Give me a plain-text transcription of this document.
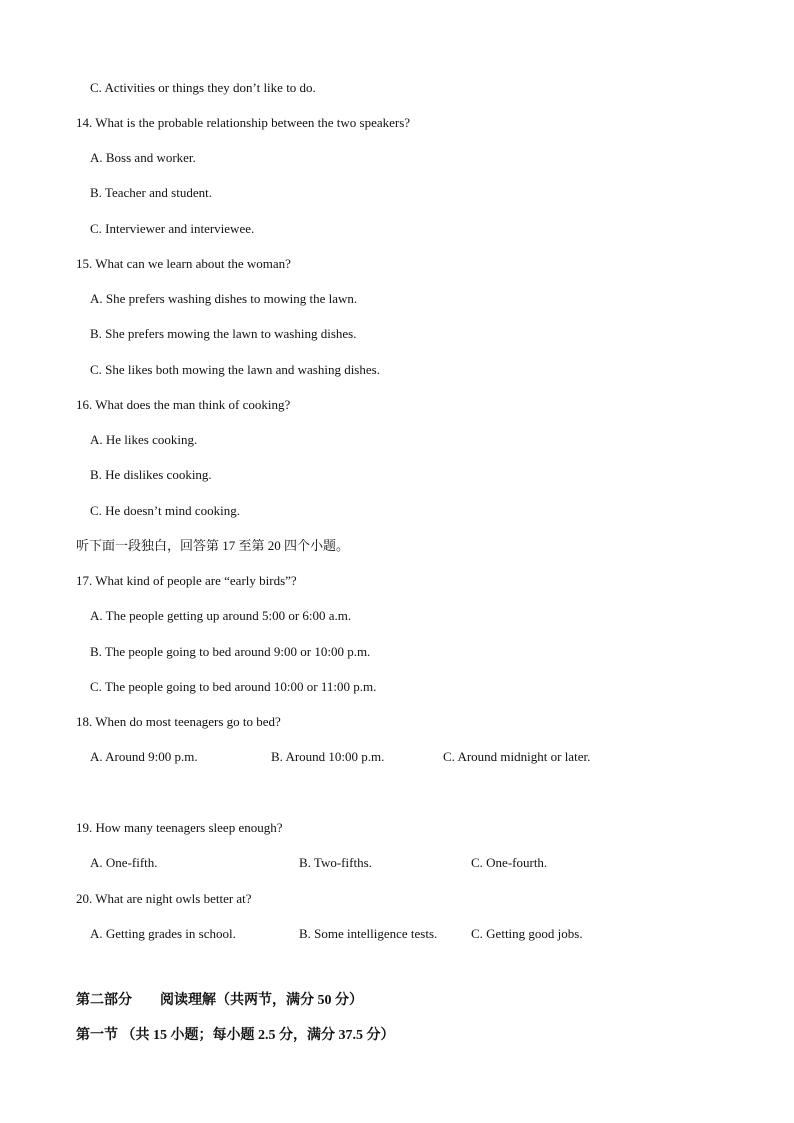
C. Activities or things they don’t like to do.
14. What is the probable relationship between the two speakers?
A. Boss and worker.
B. Teacher and student.
C. Interviewer and interviewee.
15. What can we learn about the woman?
A. She prefers washing dishes to mowing the lawn.
B. She prefers mowing the lawn to washing dishes.
C. She likes both mowing the lawn and washing dishes.
16. What does the man think of cooking?
A. He likes cooking.
B. He dislikes cooking.
C. He doesn’t mind cooking.
听下面一段独白，回答第 17 至第 20 四个小题。
17. What kind of people are “early birds”?
A. The people getting up around 5:00 or 6:00 a.m.
B. The people going to bed around 9:00 or 10:00 p.m.
C. The people going to bed around 10:00 or 11:00 p.m.
18. When do most teenagers go to bed?
A. Around 9:00 p.m.	B. Around 10:00 p.m.	C. Around midnight or later.
19. How many teenagers sleep enough?
A. One-fifth.	B. Two-fifths.	C. One-fourth.
20. What are night owls better at?
A. Getting grades in school.	B. Some intelligence tests.	C. Getting good jobs.
第二部分　　阅读理解（共两节，满分 50 分）
第一节 （共 15 小题；每小题 2.5 分，满分 37.5 分）
